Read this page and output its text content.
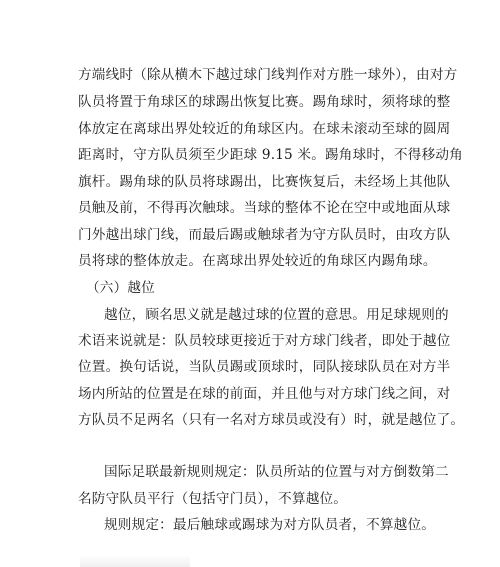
方端线时（除从横木下越过球门线判作对方胜一球外），由对方
队员将置于角球区的球踢出恢复比赛。踢角球时，须将球的整
体放定在离球出界处较近的角球区内。在球未滚动至球的圆周
距离时，守方队员须至少距球 9.15 米。踢角球时，不得移动角
旗杆。踢角球的队员将球踢出，比赛恢复后，未经场上其他队
员触及前，不得再次触球。当球的整体不论在空中或地面从球
门外越出球门线，而最后踢或触球者为守方队员时，由攻方队
员将球的整体放走。在离球出界处较近的角球区内踢角球。
（六）越位
越位，顾名思义就是越过球的位置的意思。用足球规则的
术语来说就是：队员较球更接近于对方球门线者，即处于越位
位置。换句话说，当队员踢或顶球时，同队接球队员在对方半
场内所站的位置是在球的前面，并且他与对方球门线之间，对
方队员不足两名（只有一名对方球员或没有）时，就是越位了。
国际足联最新规则规定：队员所站的位置与对方倒数第二
名防守队员平行（包括守门员），不算越位。
规则规定：最后触球或踢球为对方队员者，不算越位。
